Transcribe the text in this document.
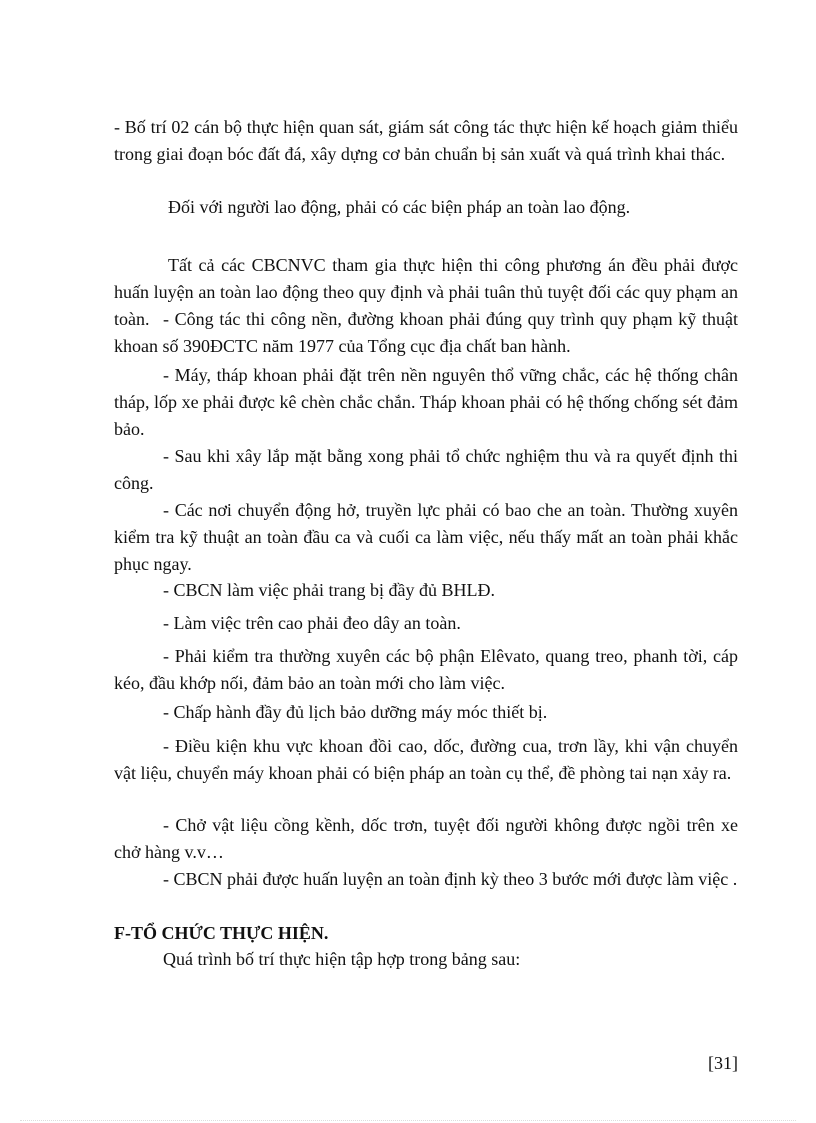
- Bố trí 02 cán bộ thực hiện quan sát, giám sát công tác thực hiện kế hoạch giảm thiểu trong giai đoạn bóc đất đá, xây dựng cơ bản chuẩn bị sản xuất và quá trình khai thác.

Đối với người lao động, phải có các biện pháp an toàn lao động.

Tất cả các CBCNVC tham gia thực hiện thi công phương án đều phải được huấn luyện an toàn lao động theo quy định và phải tuân thủ tuyệt đối các quy phạm an toàn. - Công tác thi công nền, đường khoan phải đúng quy trình quy phạm kỹ thuật khoan số 390ĐCTC năm 1977 của Tổng cục địa chất ban hành.

- Máy, tháp khoan phải đặt trên nền nguyên thổ vững chắc, các hệ thống chân tháp, lốp xe phải được kê chèn chắc chắn. Tháp khoan phải có hệ thống chống sét đảm bảo.

- Sau khi xây lắp mặt bằng xong phải tổ chức nghiệm thu và ra quyết định thi công.

- Các nơi chuyển động hở, truyền lực phải có bao che an toàn. Thường xuyên kiểm tra kỹ thuật an toàn đầu ca và cuối ca làm việc, nếu thấy mất an toàn phải khắc phục ngay.

- CBCN làm việc phải trang bị đầy đủ BHLĐ.

- Làm việc trên cao phải đeo dây an toàn.

- Phải kiểm tra thường xuyên các bộ phận Elêvato, quang treo, phanh tời, cáp kéo, đầu khớp nối, đảm bảo an toàn mới cho làm việc.

- Chấp hành đầy đủ lịch bảo dưỡng máy móc thiết bị.

- Điều kiện khu vực khoan đồi cao, dốc, đường cua, trơn lầy, khi vận chuyển vật liệu, chuyển máy khoan phải có biện pháp an toàn cụ thể, đề phòng tai nạn xảy ra.

- Chở vật liệu cồng kềnh, dốc trơn, tuyệt đối người không được ngồi trên xe chở hàng v.v…

- CBCN phải được huấn luyện an toàn định kỳ theo 3 bước mới được làm việc .

F-TỔ CHỨC THỰC HIỆN.

Quá trình bố trí thực hiện tập hợp trong bảng sau:

[31]
